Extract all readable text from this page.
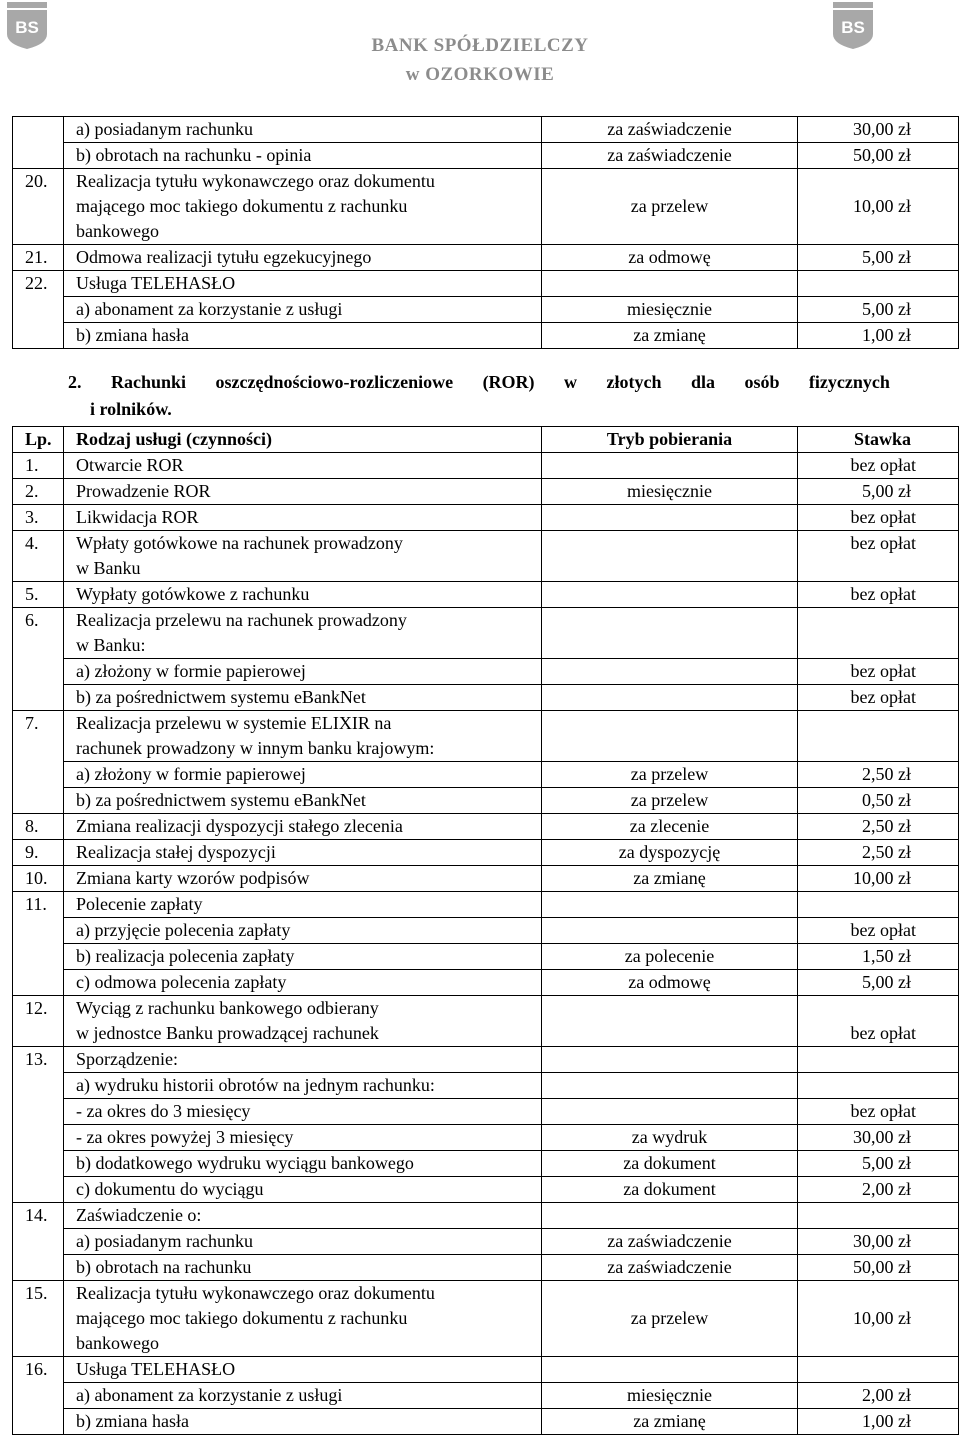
BS	BS
BANK SPÓŁDZIELCZY
w OZORKOWIE
	a) posiadanym rachunku	za zaświadczenie	30,00 zł
	b) obrotach na rachunku - opinia	za zaświadczenie	50,00 zł
20.	Realizacja tytułu wykonawczego oraz dokumentu
mającego moc takiego dokumentu z rachunku
bankowego	za przelew	10,00 zł
21.	Odmowa realizacji tytułu egzekucyjnego	za odmowę	5,00 zł
22.	Usługa TELEHASŁO		
	a) abonament za korzystanie z usługi	miesięcznie	5,00 zł
	b) zmiana hasła	za zmianę	1,00 zł
2. Rachunki oszczędnościowo-rozliczeniowe (ROR) w złotych dla osób fizycznych
i rolników.
Lp.	Rodzaj usługi (czynności)	Tryb pobierania	Stawka
1.	Otwarcie ROR		bez opłat
2.	Prowadzenie ROR	miesięcznie	5,00 zł
3.	Likwidacja ROR		bez opłat
4.	Wpłaty gotówkowe na rachunek prowadzony
w Banku		bez opłat
5.	Wypłaty gotówkowe z rachunku		bez opłat
6.	Realizacja przelewu na rachunek prowadzony
w Banku:		

	a) złożony w formie papierowej		bez opłat
	b) za pośrednictwem systemu eBankNet		bez opłat
7.	Realizacja przelewu w systemie ELIXIR na
rachunek prowadzony w innym banku krajowym:		

	a) złożony w formie papierowej	za przelew	2,50 zł
	b) za pośrednictwem systemu eBankNet	za przelew	0,50 zł
8.	Zmiana realizacji dyspozycji stałego zlecenia	za zlecenie	2,50 zł
9.	Realizacja stałej dyspozycji	za dyspozycję	2,50 zł
10.	Zmiana karty wzorów podpisów	za zmianę	10,00 zł
11.	Polecenie zapłaty		
	a) przyjęcie polecenia zapłaty		bez opłat
	b) realizacja polecenia zapłaty	za polecenie	1,50 zł
	c) odmowa polecenia zapłaty	za odmowę	5,00 zł
12.	Wyciąg z rachunku bankowego odbierany
w jednostce Banku prowadzącej rachunek		bez opłat
13.	Sporządzenie:		
	a) wydruku historii obrotów na jednym rachunku:		
	- za okres do 3 miesięcy		bez opłat
	- za okres powyżej 3 miesięcy	za wydruk	30,00 zł
	b) dodatkowego wydruku wyciągu bankowego	za dokument	5,00 zł
	c) dokumentu do wyciągu	za dokument	2,00 zł
14.	Zaświadczenie o:		
	a) posiadanym rachunku	za zaświadczenie	30,00 zł
	b) obrotach na rachunku	za zaświadczenie	50,00 zł
15.	Realizacja tytułu wykonawczego oraz dokumentu
mającego moc takiego dokumentu z rachunku
bankowego	za przelew	10,00 zł
16.	Usługa TELEHASŁO		
	a) abonament za korzystanie z usługi	miesięcznie	2,00 zł
	b) zmiana hasła	za zmianę	1,00 zł
